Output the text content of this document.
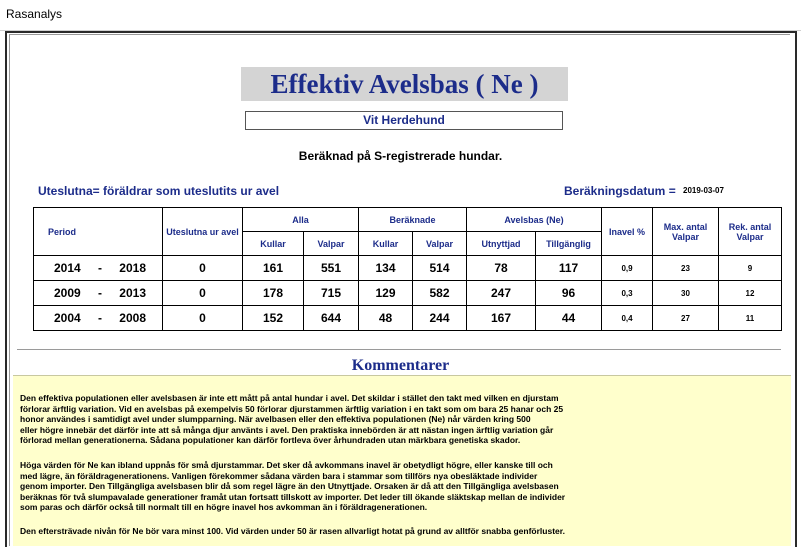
Rasanalys
Effektiv Avelsbas ( Ne )
Vit Herdehund
Beräknad på S-registrerade hundar.
Uteslutna= föräldrar som uteslutits ur avel	Beräkningsdatum = 2019-03-07
Period	Uteslutna ur avel	Alla		Beräknade		Avelsbas (Ne)		Inavel %	Max. antal Valpar	Rek. antal Valpar
		Kullar	Valpar	Kullar	Valpar	Utnyttjad	Tillgänglig			

2014 - 2018	0	161	551	134	514	78	117	0,9	23	9

2009 - 2013	0	178	715	129	582	247	96	0,3	30	12

2004 - 2008	0	152	644	48	244	167	44	0,4	27	11
Kommentarer
Den effektiva populationen eller avelsbasen är inte ett mått på antal hundar i avel. Det skildar i stället den takt med vilken en djurstam
förlorar ärftlig variation. Vid en avelsbas på exempelvis 50 förlorar djurstammen ärftlig variation i en takt som om bara 25 hanar och 25
honor användes i samtidigt avel under slumpparning. När avelbasen eller den effektiva populationen (Ne) når värden kring 500
eller högre innebär det därför inte att så många djur använts i avel. Den praktiska innebörden är att nästan ingen ärftlig variation går
förlorad mellan generationerna. Sådana populationer kan därför fortleva över århundraden utan märkbara genetiska skador.
Höga värden för Ne kan ibland uppnås för små djurstammar. Det sker då avkommans inavel är obetydligt högre, eller kanske till och
med lägre, än föräldragenerationens. Vanligen förekommer sådana värden bara i stammar som tillförs nya obesläktade individer
genom importer. Den Tillgängliga avelsbasen blir då som regel lägre än den Utnyttjade. Orsaken är då att den Tillgängliga avelsbasen
beräknas för två slumpavalade generationer framåt utan fortsatt tillskott av importer. Det leder till ökande släktskap mellan de individer
som paras och därför också till normalt till en högre inavel hos avkomman än i föräldragenerationen.
Den eftersträvade nivån för Ne bör vara minst 100. Vid värden under 50 är rasen allvarligt hotat på grund av alltför snabba genförluster.
